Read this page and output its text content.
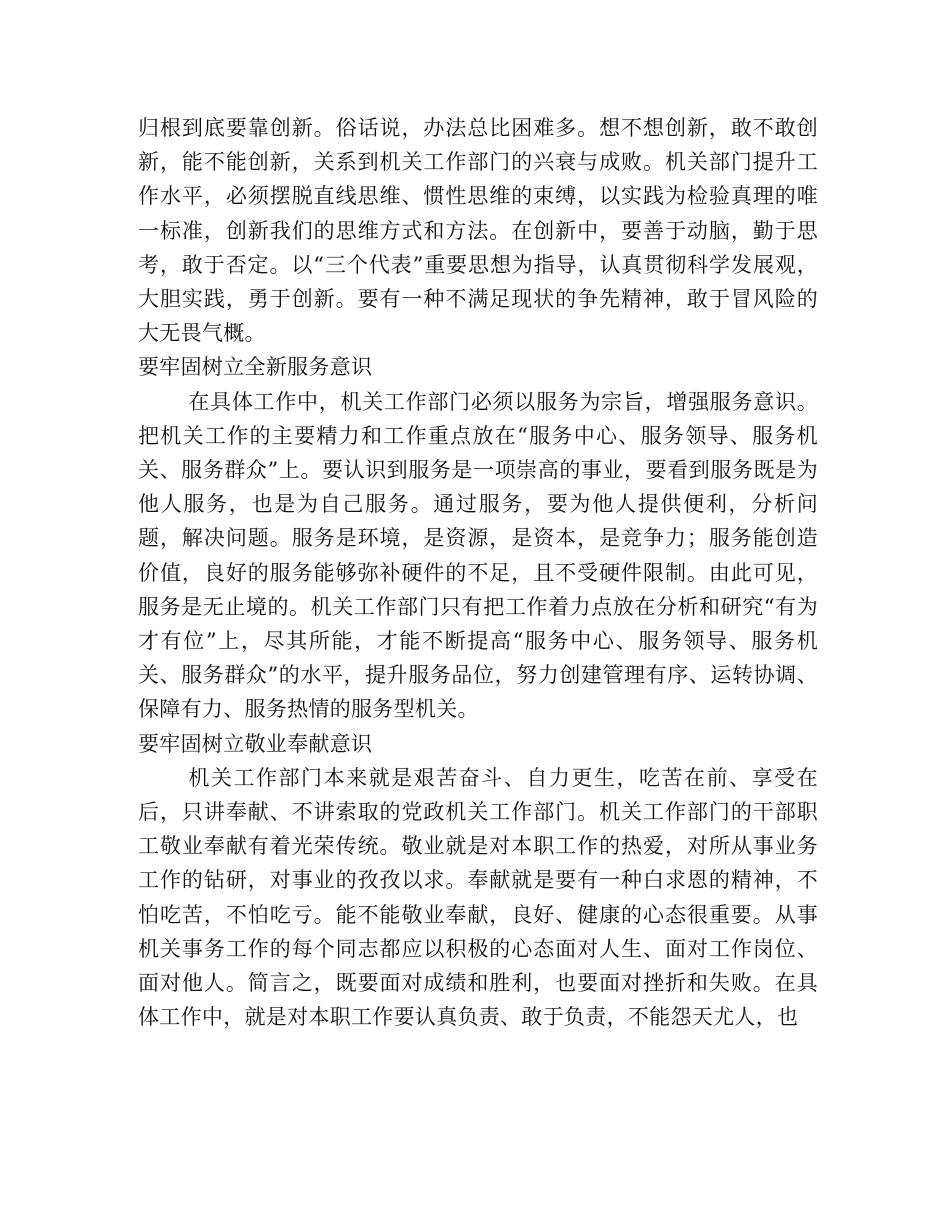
归根到底要靠创新。俗话说，办法总比困难多。想不想创新，敢不敢创新，能不能创新，关系到机关工作部门的兴衰与成败。机关部门提升工作水平，必须摆脱直线思维、惯性思维的束缚，以实践为检验真理的唯一标准，创新我们的思维方式和方法。在创新中，要善于动脑，勤于思考，敢于否定。以“三个代表”重要思想为指导，认真贯彻科学发展观，大胆实践，勇于创新。要有一种不满足现状的争先精神，敢于冒风险的大无畏气概。

要牢固树立全新服务意识

在具体工作中，机关工作部门必须以服务为宗旨，增强服务意识。把机关工作的主要精力和工作重点放在“服务中心、服务领导、服务机关、服务群众”上。要认识到服务是一项崇高的事业，要看到服务既是为他人服务，也是为自己服务。通过服务，要为他人提供便利，分析问题，解决问题。服务是环境，是资源，是资本，是竞争力；服务能创造价值，良好的服务能够弥补硬件的不足，且不受硬件限制。由此可见，服务是无止境的。机关工作部门只有把工作着力点放在分析和研究“有为才有位”上，尽其所能，才能不断提高“服务中心、服务领导、服务机关、服务群众”的水平，提升服务品位，努力创建管理有序、运转协调、保障有力、服务热情的服务型机关。

要牢固树立敬业奉献意识

机关工作部门本来就是艰苦奋斗、自力更生，吃苦在前、享受在后，只讲奉献、不讲索取的党政机关工作部门。机关工作部门的干部职工敬业奉献有着光荣传统。敬业就是对本职工作的热爱，对所从事业务工作的钻研，对事业的孜孜以求。奉献就是要有一种白求恩的精神，不怕吃苦，不怕吃亏。能不能敬业奉献，良好、健康的心态很重要。从事机关事务工作的每个同志都应以积极的心态面对人生、面对工作岗位、面对他人。简言之，既要面对成绩和胜利，也要面对挫折和失败。在具体工作中，就是对本职工作要认真负责、敢于负责，不能怨天尤人，也
